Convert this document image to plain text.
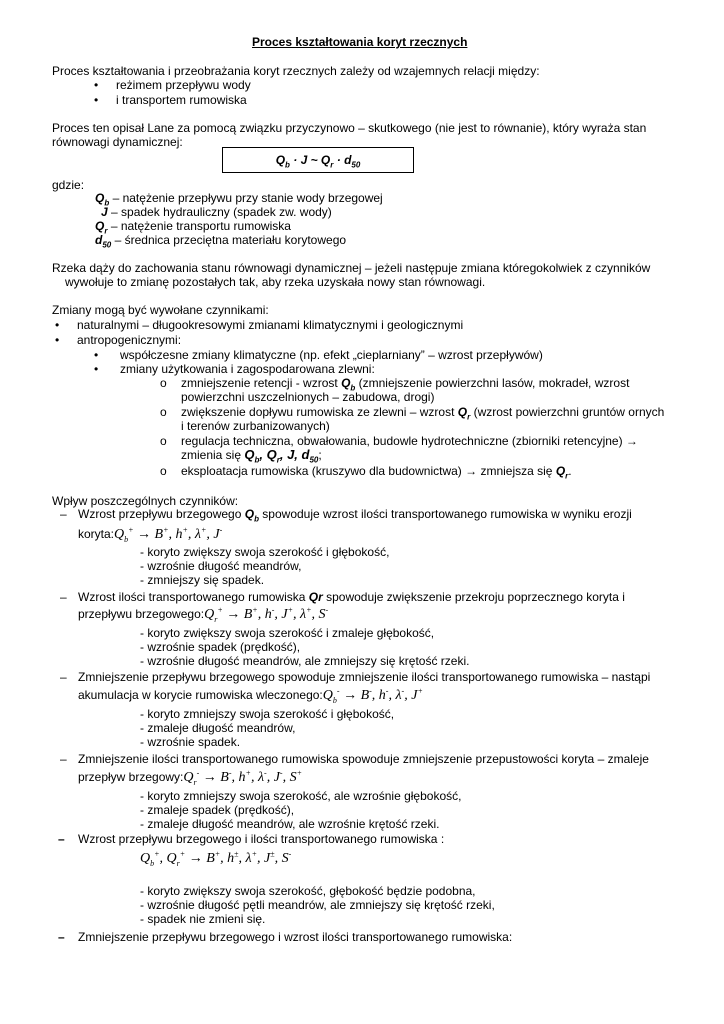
Proces kształtowania koryt rzecznych
Proces kształtowania i przeobrażania koryt rzecznych zależy od wzajemnych relacji między:
• reżimem przepływu wody
• i transportem rumowiska
Proces ten opisał Lane za pomocą związku przyczynowo – skutkowego (nie jest to równanie), który wyraża stan
równowagi dynamicznej:
$Q_b \cdot J$ ~ $Q_r \cdot d_{50}$
gdzie:
$Q_b$ – natężenie przepływu przy stanie wody brzegowej
J – spadek hydrauliczny (spadek zw. wody)
$Q_r$ – natężenie transportu rumowiska
$d_{50}$ – średnica przeciętna materiału korytowego
Rzeka dąży do zachowania stanu równowagi dynamicznej – jeżeli następuje zmiana któregokolwiek z czynników
wywołuje to zmianę pozostałych tak, aby rzeka uzyskała nowy stan równowagi.
Zmiany mogą być wywołane czynnikami:
• naturalnymi – długookresowymi zmianami klimatycznymi i geologicznymi
• antropogenicznymi:
• współczesne zmiany klimatyczne (np. efekt „cieplarniany” – wzrost przepływów)
• zmiany użytkowania i zagospodarowana zlewni:
o zmniejszenie retencji - wzrost $Q_b$ (zmniejszenie powierzchni lasów, mokradeł, wzrost
powierzchni uszczelnionych – zabudowa, drogi)
o zwiększenie dopływu rumowiska ze zlewni – wzrost $Q_r$ (wzrost powierzchni gruntów ornych
i terenów zurbanizowanych)
o regulacja techniczna, obwałowania, budowle hydrotechniczne (zbiorniki retencyjne) →
zmienia się $Q_b$, $Q_r$, J, $d_{50}$;
o eksploatacja rumowiska (kruszywo dla budownictwa) → zmniejsza się $Q_r$.
Wpływ poszczególnych czynników:
– Wzrost przepływu brzegowego $Q_b$ spowoduje wzrost ilości transportowanego rumowiska w wyniku erozji
$koryta:Q_b^+ \to B^+$, h+, λ+, J-
- koryto zwiększy swoja szerokość i głębokość,
- wzrośnie długość meandrów,
- zmniejszy się spadek.
– Wzrost ilości transportowanego rumowiska Qr spowoduje zwiększenie przekroju poprzecznego koryta i
przepływu $brzegowego:Q_r^+ \to B^+$, h-, J+, λ+, S-
- koryto zwiększy swoja szerokość i zmaleje głębokość,
- wzrośnie spadek (prędkość),
- wzrośnie długość meandrów, ale zmniejszy się krętość rzeki.
– Zmniejszenie przepływu brzegowego spowoduje zmniejszenie ilości transportowanego rumowiska – nastąpi
akumulacja w korycie rumowiska $wleczonego:Q_b^- \to B^-$, h-, λ-, J+
- koryto zmniejszy swoja szerokość i głębokość,
- zmaleje długość meandrów,
- wzrośnie spadek.
– Zmniejszenie ilości transportowanego rumowiska spowoduje zmniejszenie przepustowości koryta – zmaleje
przepływ $brzegowy:Q_r^- \to B^-$, h+, λ-, J-, S+
- koryto zmniejszy swoja szerokość, ale wzrośnie głębokość,
- zmaleje spadek (prędkość),
- zmaleje długość meandrów, ale wzrośnie krętość rzeki.
– Wzrost przepływu brzegowego i ilości transportowanego rumowiska :
$Q_b^+$, $Q_r^+ \to B^+$, h±, λ+, J±, S-
- koryto zwiększy swoja szerokość, głębokość będzie podobna,
- wzrośnie długość pętli meandrów, ale zmniejszy się krętość rzeki,
- spadek nie zmieni się.
– Zmniejszenie przepływu brzegowego i wzrost ilości transportowanego rumowiska:
